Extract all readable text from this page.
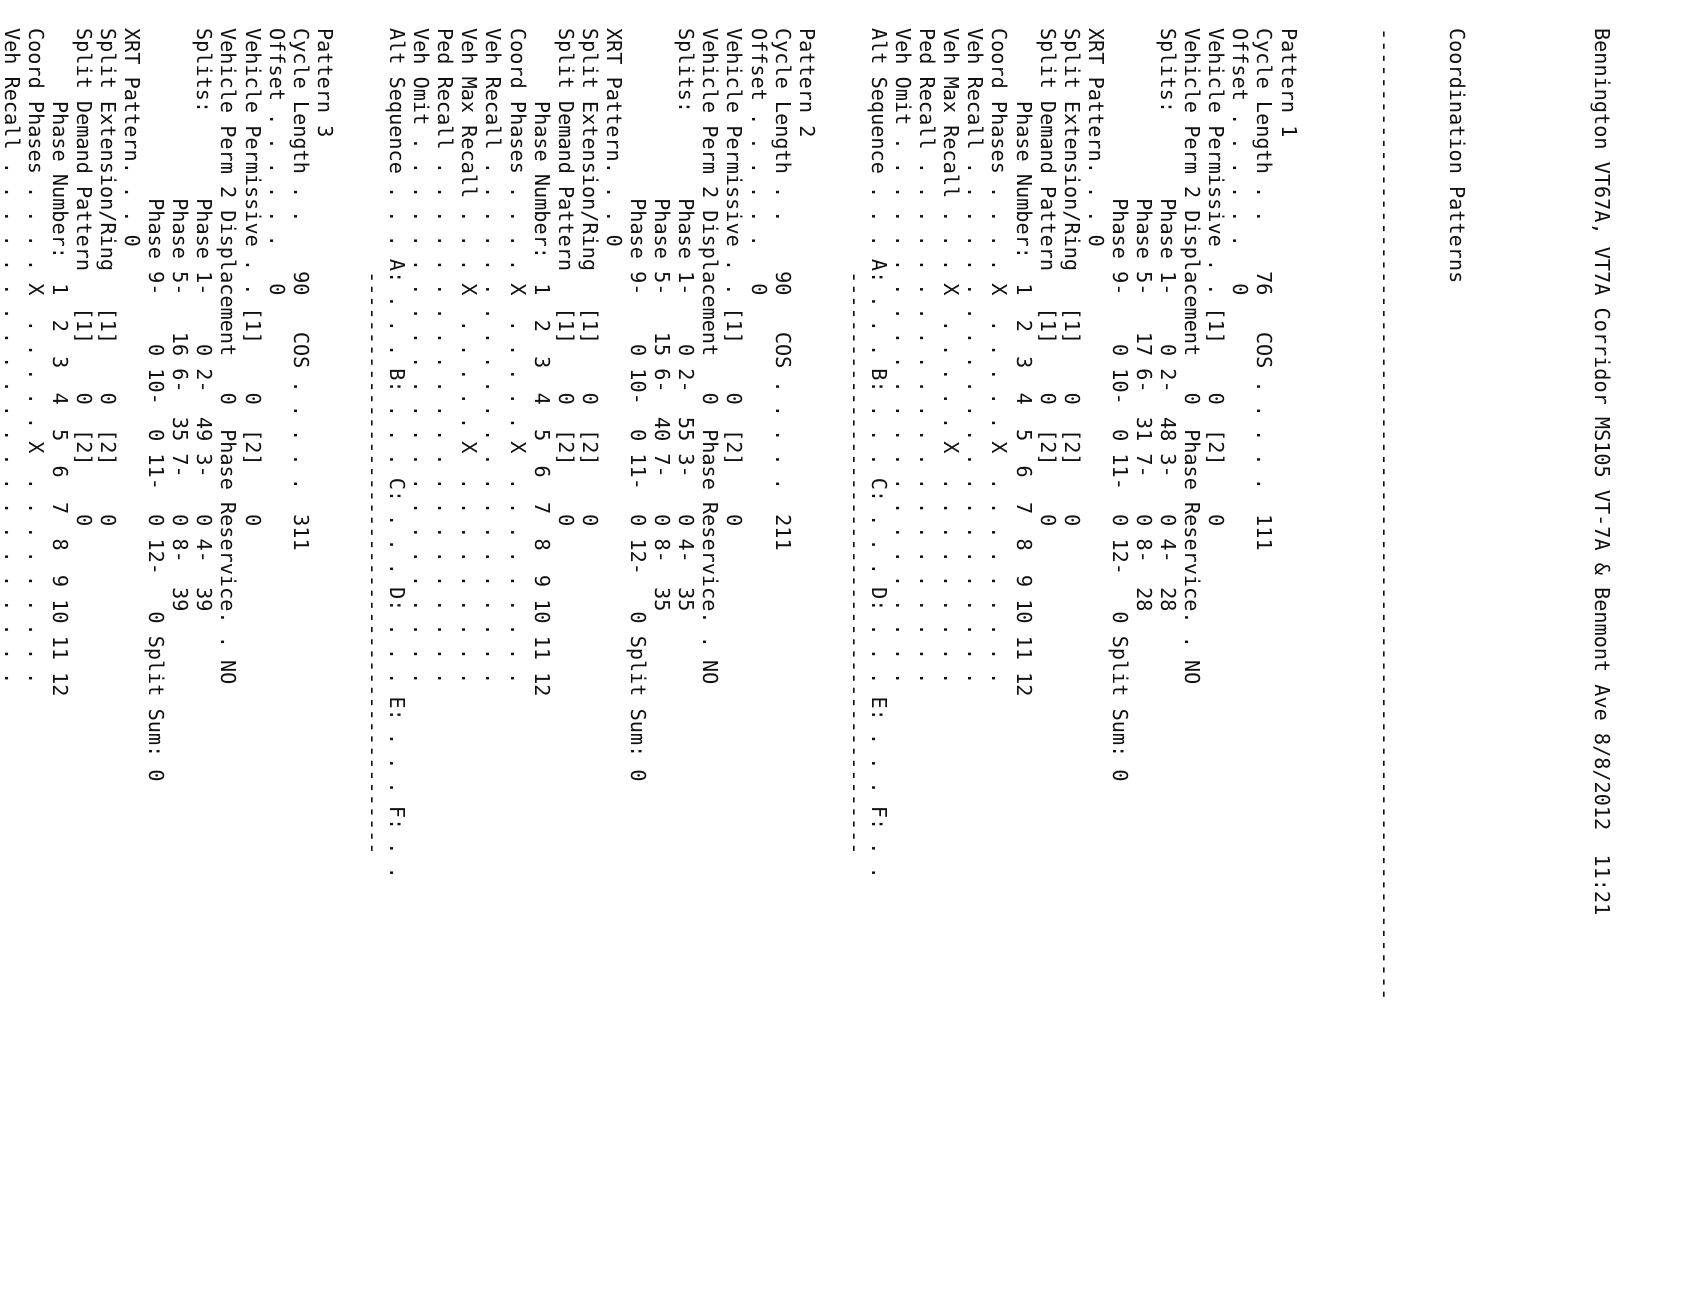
Bennington VT67A, VT7A Corridor MS105 VT-7A & Benmont Ave 8/8/2012  11:21

Coordination Patterns

--------------------------------------------------------------------------------

Pattern 1
Cycle Length . .    76   COS . . . . .  111
Offset . . . . . .   0
Vehicle Permissive . . [1]    0  [2]    0
Vehicle Perm 2 Displacement   0  Phase Reservice. . NO
Splits:       Phase 1-    0 2-  48 3-   0 4-  28
Phase 5-   17 6-  31 7-   0 8-  28
Phase 9-    0 10-  0 11-  0 12-   0 Split Sum: 0
XRT Pattern. . . 0
Split Extension/Ring   [1]    0  [2]    0
Split Demand Pattern   [1]    0  [2]    0
Phase Number:  1  2  3  4  5  6  7  8  9 10 11 12
Coord Phases . . . . X  . . . . . X  . . . . . . . . .
Veh Recall . . . . . . . . . . . . . . . . . . . . . .
Veh Max Recall . . . X  . . . . . X  . . . . . . . . .
Ped Recall . . . . . . . . . . . . . . . . . . . . . .
Veh Omit . . . . . . . . . . . . . . . . . . . . . . .
Alt Sequence . . . A: . . . B: . . . C: . . . D: . . . E: . . . F: . .
------------------------------------------------
Pattern 2
Cycle Length . .    90   COS . . . . .  211
Offset . . . . . .   0
Vehicle Permissive . . [1]    0  [2]    0
Vehicle Perm 2 Displacement   0  Phase Reservice. . NO
Splits:       Phase 1-    0 2-  55 3-   0 4-  35
Phase 5-   15 6-  40 7-   0 8-  35
Phase 9-    0 10-  0 11-  0 12-   0 Split Sum: 0
XRT Pattern. . . 0
Split Extension/Ring   [1]    0  [2]    0
Split Demand Pattern   [1]    0  [2]    0
Phase Number:  1  2  3  4  5  6  7  8  9 10 11 12
Coord Phases . . . . X  . . . . . X  . . . . . . . . .
Veh Recall . . . . . . . . . . . . . . . . . . . . . .
Veh Max Recall . . . X  . . . . . X  . . . . . . . . .
Ped Recall . . . . . . . . . . . . . . . . . . . . . .
Veh Omit . . . . . . . . . . . . . . . . . . . . . . .
Alt Sequence . . . A: . . . B: . . . C: . . . D: . . . E: . . . F: . .
------------------------------------------------
Pattern 3
Cycle Length . .    90   COS . . . . .  311
Offset . . . . . .   0
Vehicle Permissive . . [1]    0  [2]    0
Vehicle Perm 2 Displacement   0  Phase Reservice. . NO
Splits:       Phase 1-    0 2-  49 3-   0 4-  39
Phase 5-   16 6-  35 7-   0 8-  39
Phase 9-    0 10-  0 11-  0 12-   0 Split Sum: 0
XRT Pattern. . . 0
Split Extension/Ring   [1]    0  [2]    0
Split Demand Pattern   [1]    0  [2]    0
Phase Number:  1  2  3  4  5  6  7  8  9 10 11 12
Coord Phases . . . . X  . . . . . X  . . . . . . . . .
Veh Recall . . . . . . . . . . . . . . . . . . . . . .
